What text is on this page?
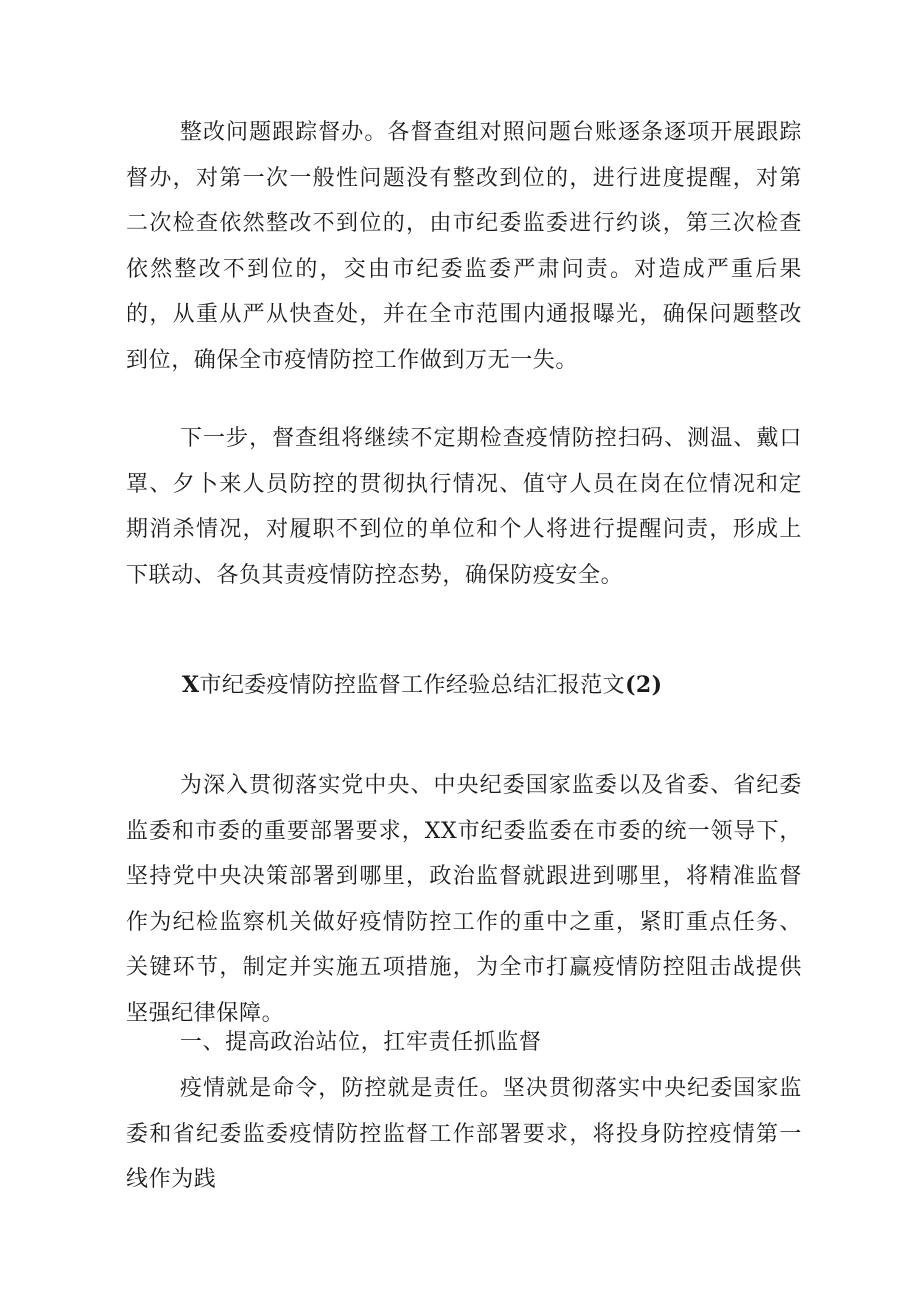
整改问题跟踪督办。各督查组对照问题台账逐条逐项开展跟踪督办，对第一次一般性问题没有整改到位的，进行进度提醒，对第二次检查依然整改不到位的，由市纪委监委进行约谈，第三次检查依然整改不到位的，交由市纪委监委严肃问责。对造成严重后果的，从重从严从快查处，并在全市范围内通报曝光，确保问题整改到位，确保全市疫情防控工作做到万无一失。

下一步，督查组将继续不定期检查疫情防控扫码、测温、戴口罩、夕卜来人员防控的贯彻执行情况、值守人员在岗在位情况和定期消杀情况，对履职不到位的单位和个人将进行提醒问责，形成上下联动、各负其责疫情防控态势，确保防疫安全。

X市纪委疫情防控监督工作经验总结汇报范文(2)

为深入贯彻落实党中央、中央纪委国家监委以及省委、省纪委监委和市委的重要部署要求，XX市纪委监委在市委的统一领导下，坚持党中央决策部署到哪里，政治监督就跟进到哪里，将精准监督作为纪检监察机关做好疫情防控工作的重中之重，紧盯重点任务、关键环节，制定并实施五项措施，为全市打赢疫情防控阻击战提供坚强纪律保障。

一、提高政治站位，扛牢责任抓监督

疫情就是命令，防控就是责任。坚决贯彻落实中央纪委国家监委和省纪委监委疫情防控监督工作部署要求，将投身防控疫情第一线作为践
